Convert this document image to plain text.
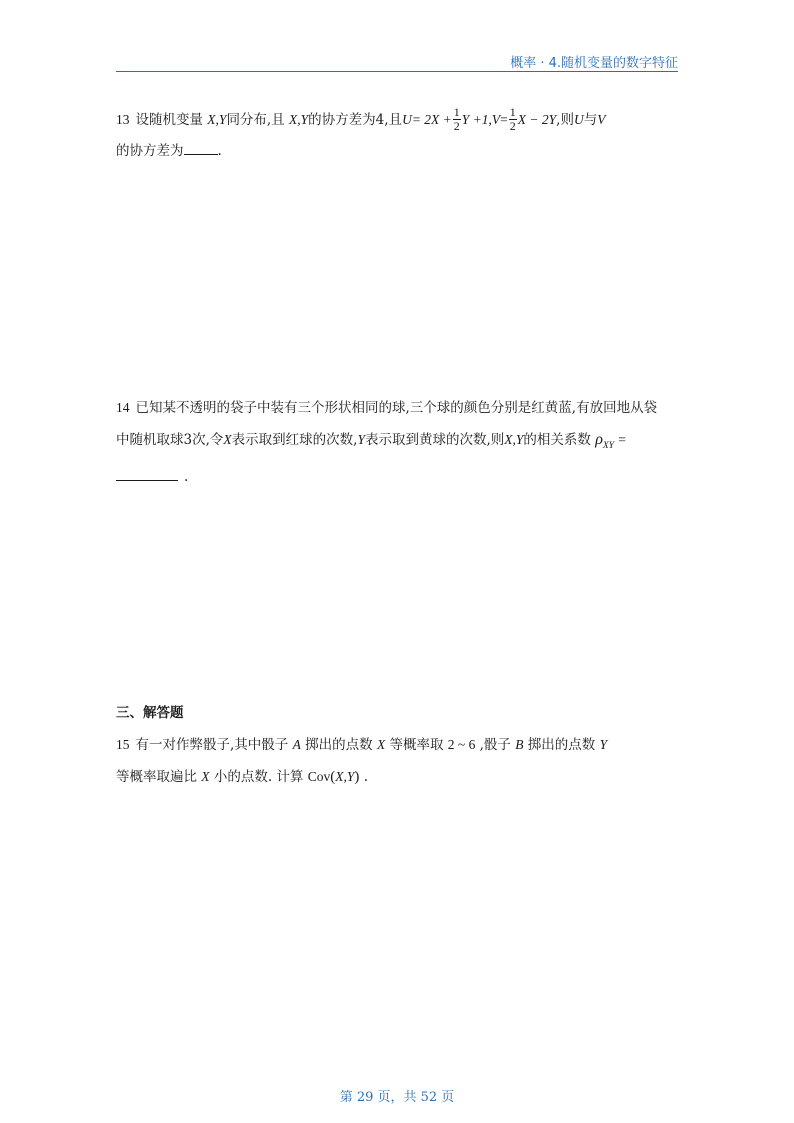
概率 · 4.随机变量的数字特征
13 设随机变量 X,Y同分布,且 X,Y的协方差为4,且$U= 2X + \frac{1}{2}$ $Y +1,V= \frac{1}{2}$ X − 2Y,则U与V
的协方差为	.
14 已知某不透明的袋子中装有三个形状相同的球,三个球的颜色分别是红黄蓝,有放回地从袋
中随机取球3次,令X表示取到红球的次数,Y表示取到黄球的次数,则X,Y的相关系数 $\rho_{XY}$ =
.
三、解答题
15 有一对作弊骰子,其中骰子 A 掷出的点数 X 等概率取 2 ~ 6 ,骰子 B 掷出的点数 Y
等概率取遍比 X 小的点数. 计算 Cov(X,Y) .
第 29 页，共 52 页
